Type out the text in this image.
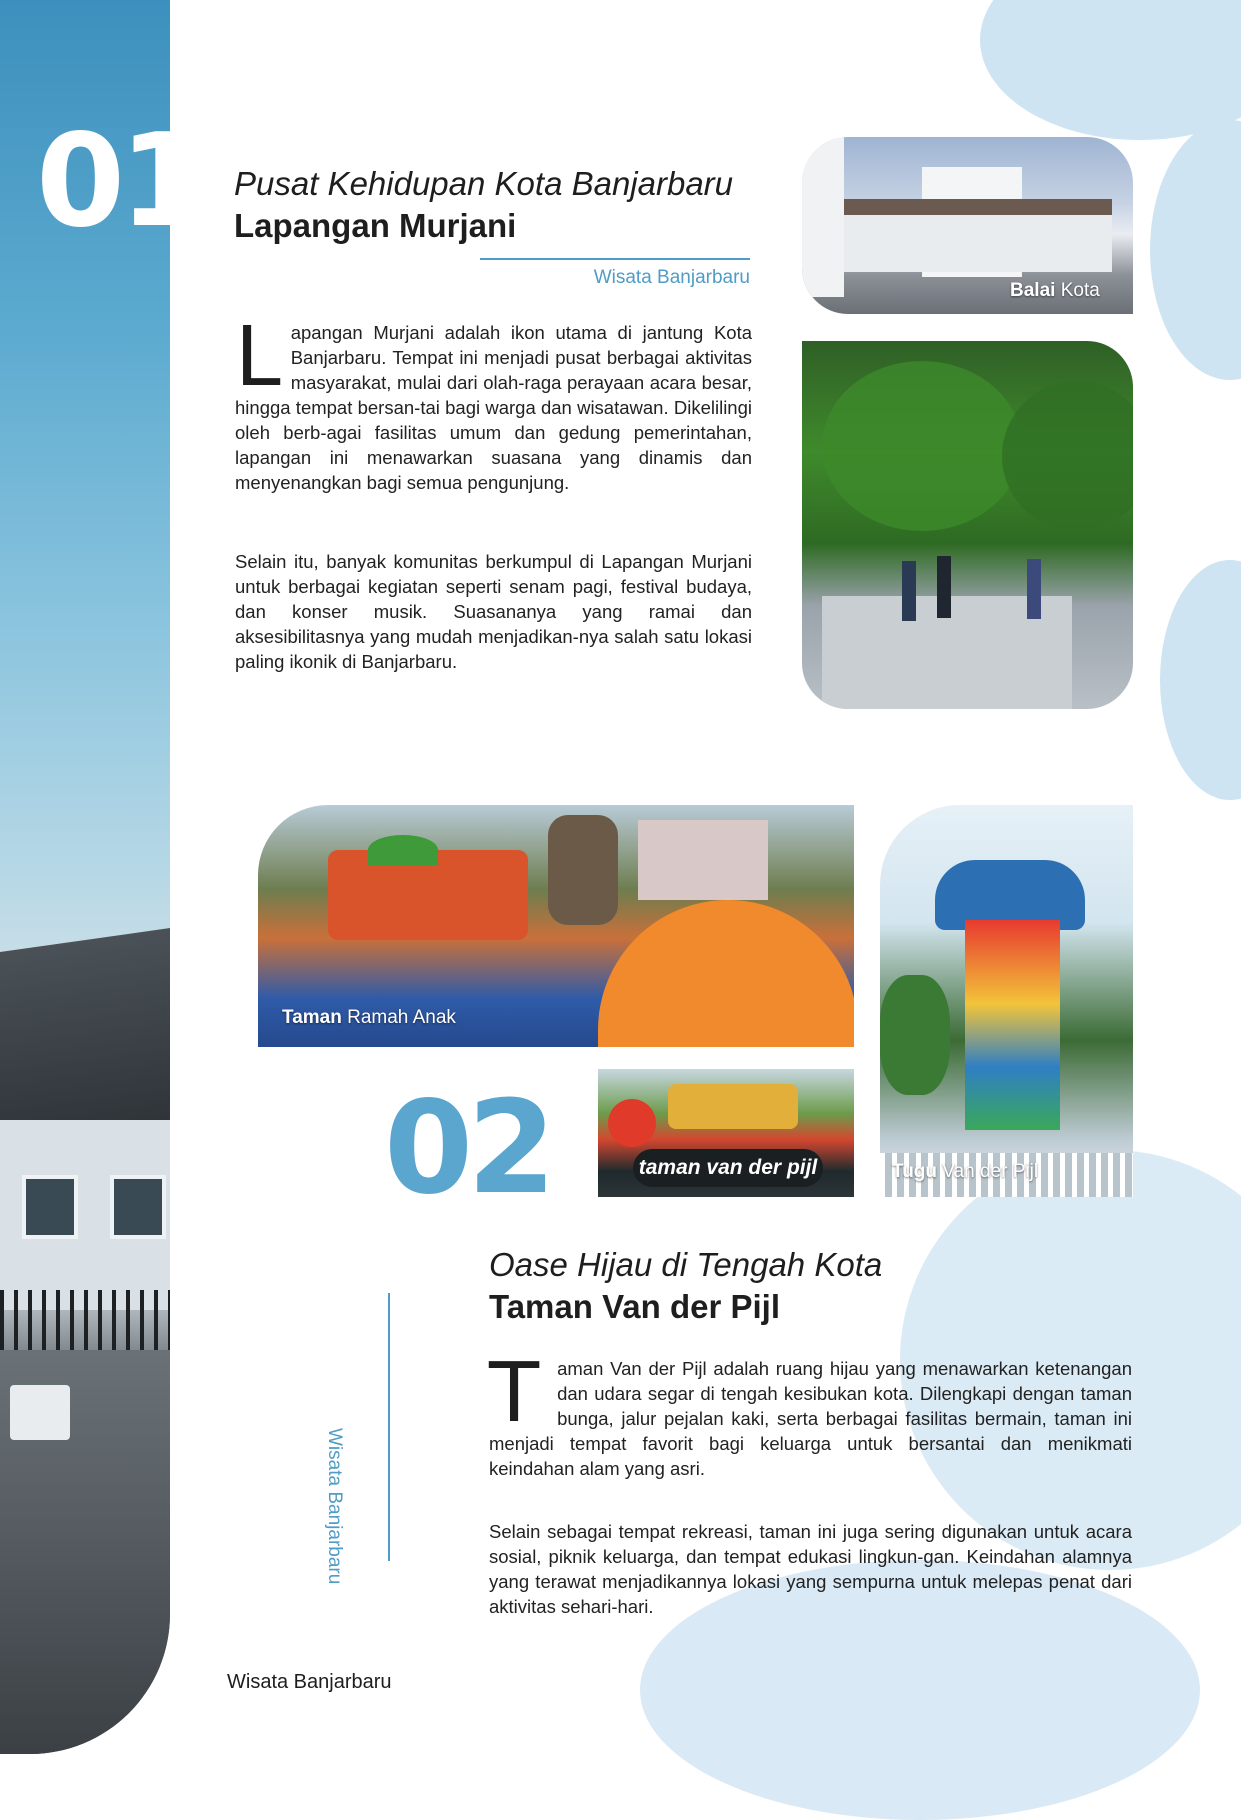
01 Pusat Kehidupan Kota Banjarbaru Lapangan Murjani
Wisata Banjarbaru

Lapangan Murjani adalah ikon utama di jantung Kota Banjarbaru. Tempat ini menjadi pusat berbagai aktivitas masyarakat, mulai dari olah-raga perayaan acara besar, hingga tempat bersan-tai bagi warga dan wisatawan. Dikelilingi oleh berb-agai fasilitas umum dan gedung pemerintahan, lapangan ini menawarkan suasana yang dinamis dan menyenangkan bagi semua pengunjung.

Selain itu, banyak komunitas berkumpul di Lapangan Murjani untuk berbagai kegiatan seperti senam pagi, festival budaya, dan konser musik. Suasananya yang ramai dan aksesibilitasnya yang mudah menjadikan-nya salah satu lokasi paling ikonik di Banjarbaru.

Balai Kota
Taman Ramah Anak
02	taman van der pijl	Tugu Van der Pijl
Oase Hijau di Tengah Kota
Taman Van der Pijl

Taman Van der Pijl adalah ruang hijau yang menawarkan ketenangan dan udara segar di tengah kesibukan kota. Dilengkapi dengan taman bunga, jalur pejalan kaki, serta berbagai fasilitas bermain, taman ini menjadi tempat favorit bagi keluarga untuk bersantai dan menikmati keindahan alam yang asri.

Selain sebagai tempat rekreasi, taman ini juga sering digunakan untuk acara sosial, piknik keluarga, dan tempat edukasi lingkun-gan. Keindahan alamnya yang terawat menjadikannya lokasi yang sempurna untuk melepas penat dari aktivitas sehari-hari.

Wisata Banjarbaru
Wisata Banjarbaru
